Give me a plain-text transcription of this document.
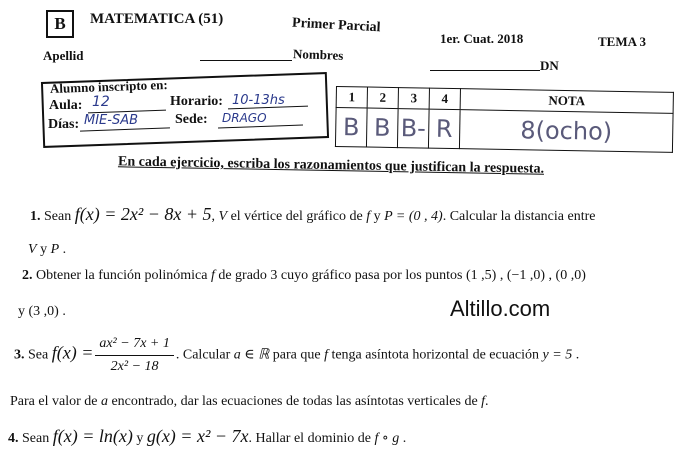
B	MATEMATICA (51)	Primer Parcial
1er. Cuat. 2018	TEMA 3
Apellid	Nombres
DN
Alumno inscripto en:
Aula: 12	Horario: 10-13hs
Días: MIE-SAB	Sede: DRAGO
1	2	3	4	NOTA
B	B	B-	R	8(ocho)
En cada ejercicio, escriba los razonamientos que justifican la respuesta.
1. Sean f(x) = 2x² − 8x + 5, V el vértice del gráfico de f y P = (0 , 4). Calcular la distancia entre
V y P .
2. Obtener la función polinómica f de grado 3 cuyo gráfico pasa por los puntos (1 ,5) , (−1 ,0) , (0 ,0)
y (3 ,0) .	Altillo.com
3. Sea $f(x) = \frac{\text{ax² − 7x + 1}}{\text{2x² − 18}}$ . Calcular a ∈ ℝ para que f tenga asíntota horizontal de ecuación y = 5 .
Para el valor de a encontrado, dar las ecuaciones de todas las asíntotas verticales de f.
4. Sean f(x) = ln(x) y g(x) = x² − 7x. Hallar el dominio de f ∘ g .
